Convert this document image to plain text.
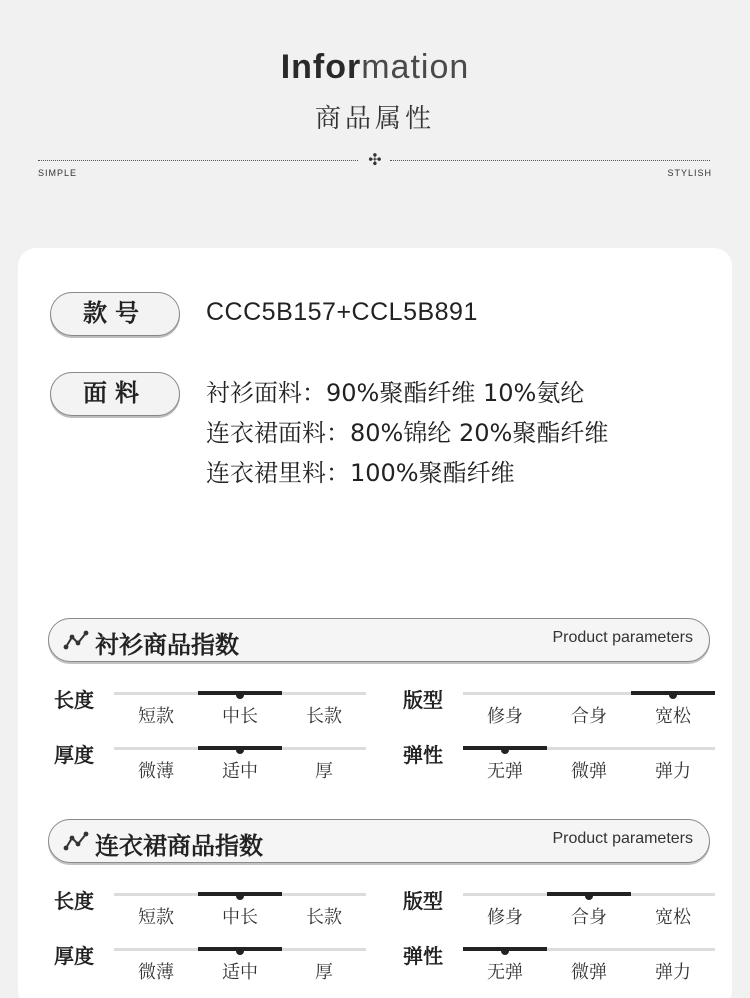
Information
商品属性
✣
SIMPLE	STYLISH
款号	CCC5B157+CCL5B891
面料	衬衫面料：90%聚酯纤维 10%氨纶
连衣裙面料：80%锦纶 20%聚酯纤维
连衣裙里料：100%聚酯纤维
衬衫商品指数	Product parameters
长度
短款	中长	长款
版型
修身	合身	宽松
厚度
微薄	适中	厚
弹性
无弹	微弹	弹力
连衣裙商品指数	Product parameters
长度
短款	中长	长款
版型
修身	合身	宽松
厚度
微薄	适中	厚
弹性
无弹	微弹	弹力
